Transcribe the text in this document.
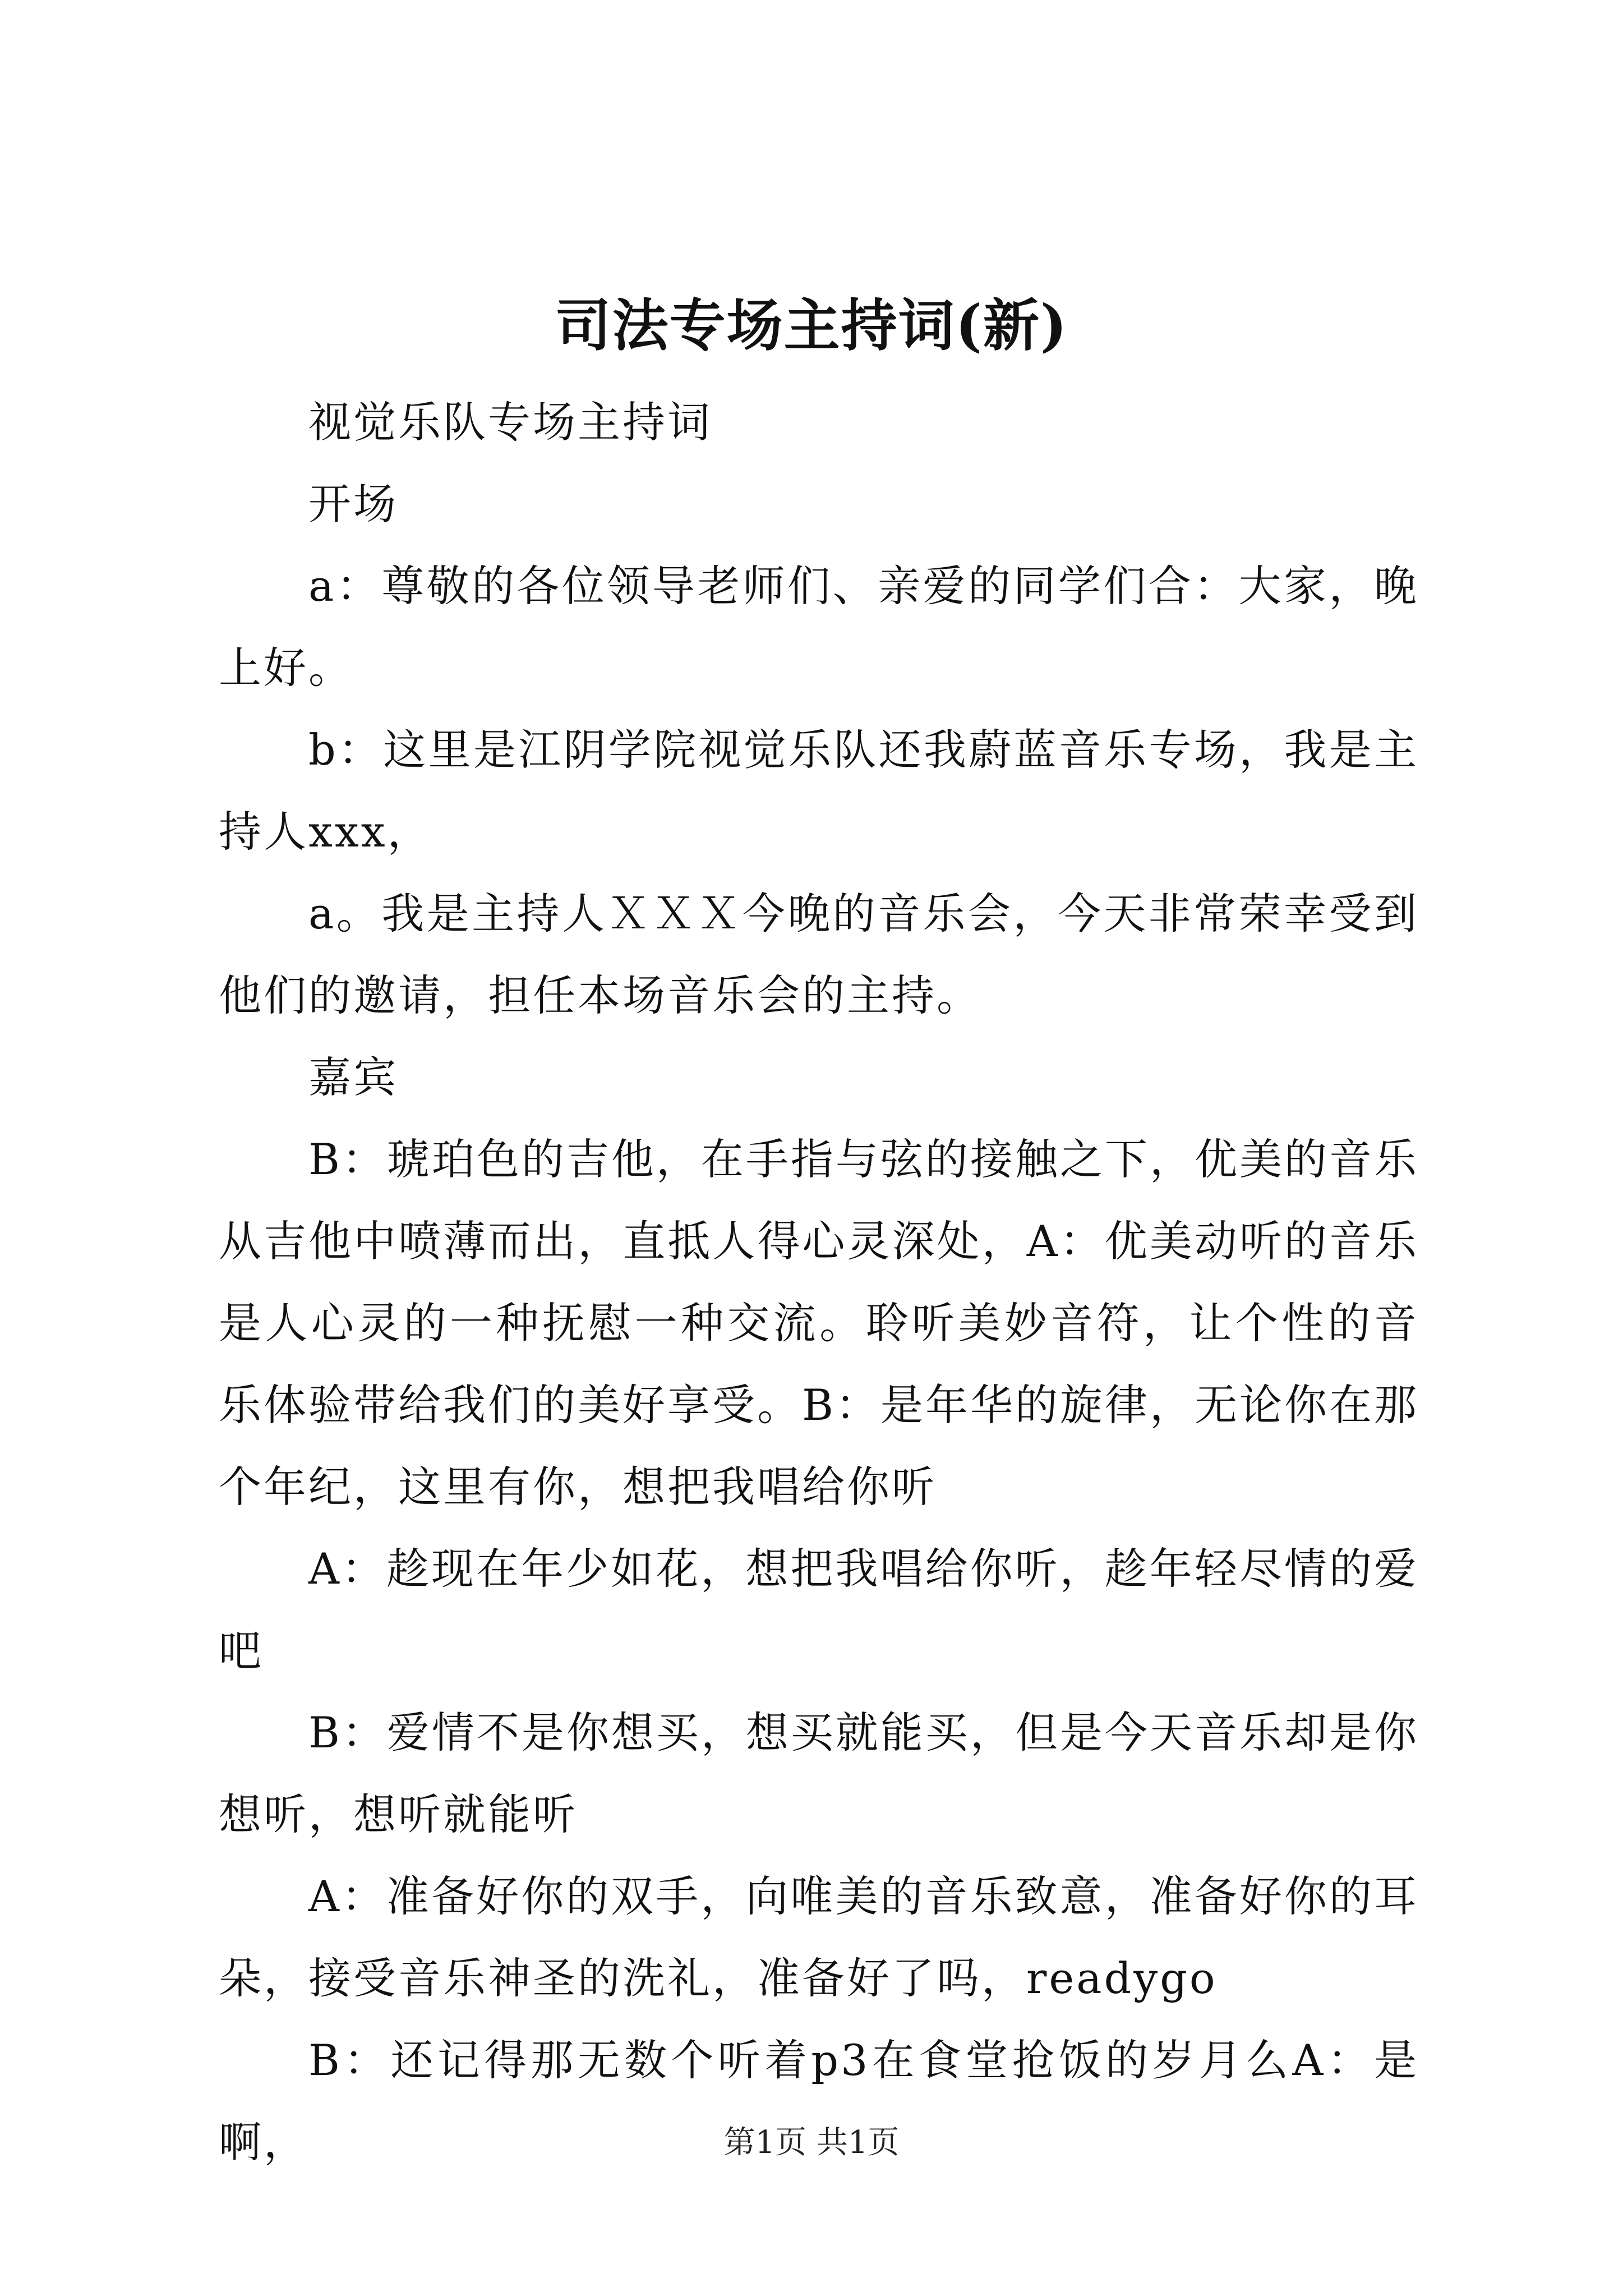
司法专场主持词(新)

视觉乐队专场主持词

开场

a：尊敬的各位领导老师们、亲爱的同学们合：大家，晚上好。

b：这里是江阴学院视觉乐队还我蔚蓝音乐专场，我是主持人xxx，

a。我是主持人ＸＸＸ今晚的音乐会，今天非常荣幸受到他们的邀请，担任本场音乐会的主持。

嘉宾

B：琥珀色的吉他，在手指与弦的接触之下，优美的音乐从吉他中喷薄而出，直抵人得心灵深处，A：优美动听的音乐是人心灵的一种抚慰一种交流。聆听美妙音符，让个性的音乐体验带给我们的美好享受。B：是年华的旋律，无论你在那个年纪，这里有你，想把我唱给你听

A：趁现在年少如花，想把我唱给你听，趁年轻尽情的爱吧

B：爱情不是你想买，想买就能买，但是今天音乐却是你想听，想听就能听

A：准备好你的双手，向唯美的音乐致意，准备好你的耳朵，接受音乐神圣的洗礼，准备好了吗，readygo

B：还记得那无数个听着p3在食堂抢饭的岁月么A：是啊，	第1页 共1页
